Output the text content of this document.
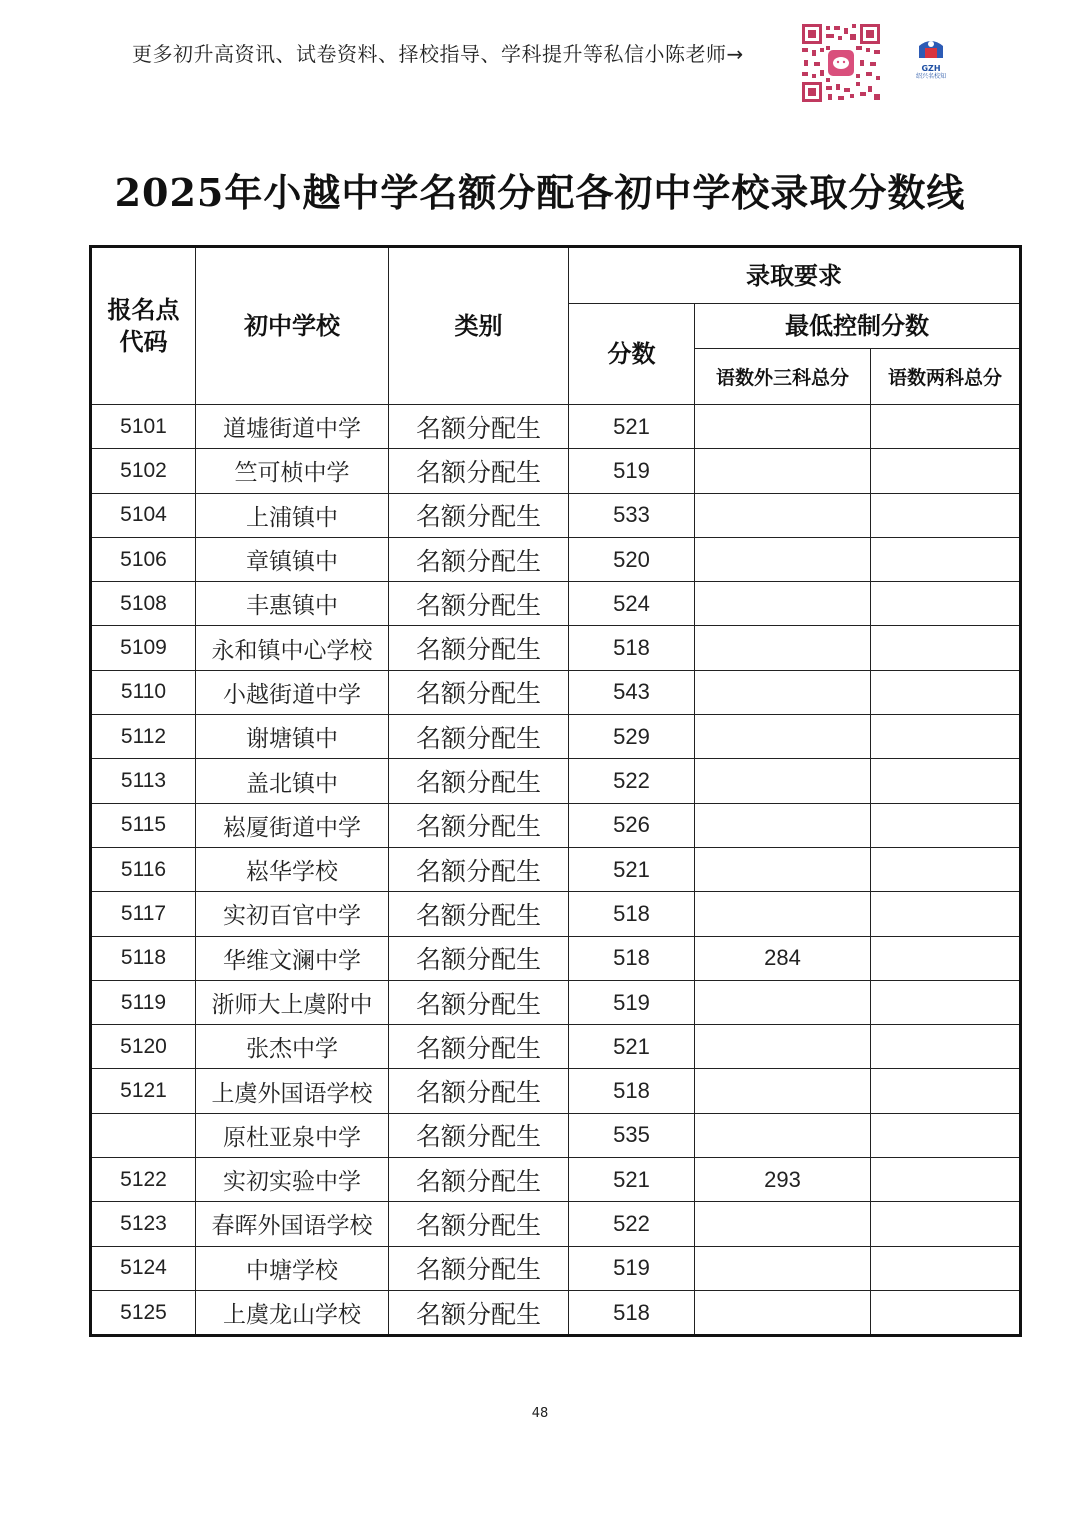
更多初升高资讯、试卷资料、择校指导、学科提升等私信小陈老师→
GZH
绍兴名校知
2025年小越中学名额分配各初中学校录取分数线
报名点
代码	初中学校	类别	录取要求		
			分数	最低控制分数	
				语数外三科总分	语数两科总分
5101	道墟街道中学	名额分配生	521		
5102	竺可桢中学	名额分配生	519		
5104	上浦镇中	名额分配生	533		
5106	章镇镇中	名额分配生	520		
5108	丰惠镇中	名额分配生	524		
5109	永和镇中心学校	名额分配生	518		
5110	小越街道中学	名额分配生	543		
5112	谢塘镇中	名额分配生	529		
5113	盖北镇中	名额分配生	522		
5115	崧厦街道中学	名额分配生	526		
5116	崧华学校	名额分配生	521		
5117	实初百官中学	名额分配生	518		
5118	华维文澜中学	名额分配生	518	284	
5119	浙师大上虞附中	名额分配生	519		
5120	张杰中学	名额分配生	521		
5121	上虞外国语学校	名额分配生	518		
	原杜亚泉中学	名额分配生	535		
5122	实初实验中学	名额分配生	521	293	
5123	春晖外国语学校	名额分配生	522		
5124	中塘学校	名额分配生	519		
5125	上虞龙山学校	名额分配生	518		
48
